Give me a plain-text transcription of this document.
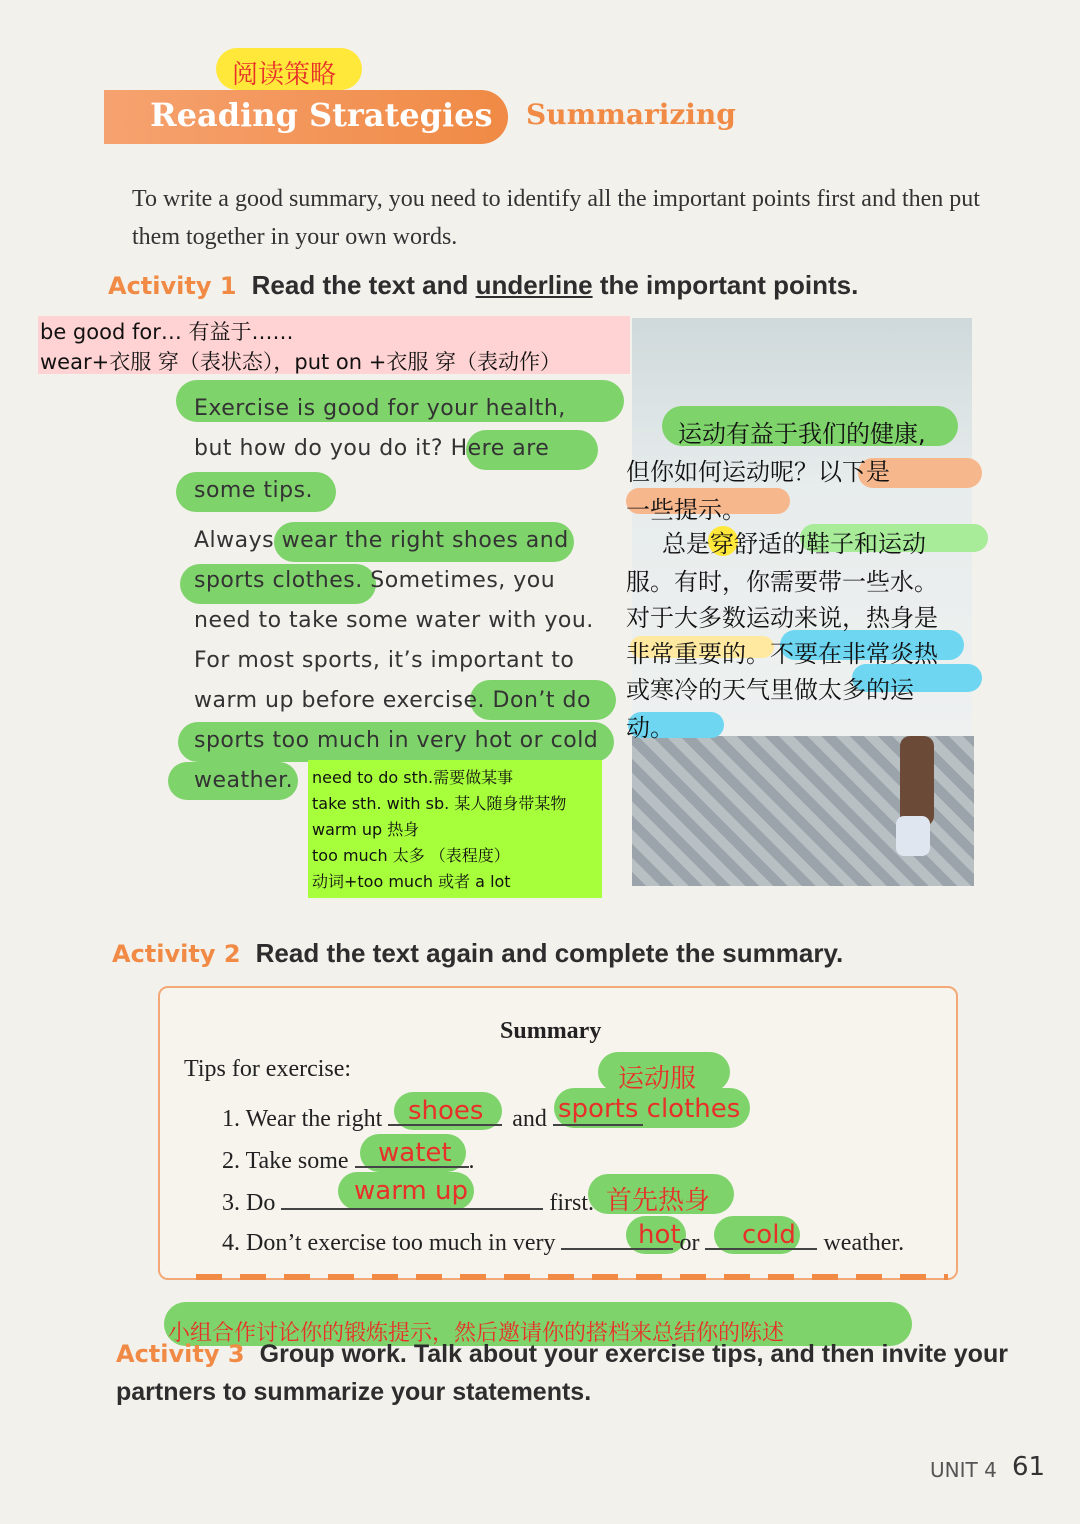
阅读策略
Reading Strategies Summarizing
To write a good summary, you need to identify all the important points first and then put them together in your own words.
Activity 1 Read the text and underline the important points.
be good for… 有益于……
wear+衣服 穿（表状态），put on +衣服 穿（表动作）
Exercise is good for your health,
but how do you do it? Here are
some tips.
Always wear the right shoes and
sports clothes. Sometimes, you
need to take some water with you.
For most sports, it’s important to
warm up before exercise. Don’t do
sports too much in very hot or cold
weather. need to do sth.需要做某事
take sth. with sb. 某人随身带某物
warm up 热身
too much 太多 （表程度）
动词+too much 或者 a lot
运动有益于我们的健康,
但你如何运动呢？以下是
一些提示。
总是穿舒适的鞋子和运动
服。有时，你需要带一些水。
对于大多数运动来说，热身是
非常重要的。不要在非常炎热
或寒冷的天气里做太多的运
动。
Activity 2 Read the text again and complete the summary.
Summary
Tips for exercise:
1. Wear the right	and
shoes
运动服
sports clothes
2. Take some	.
watet
3. Do	first.
warm up	首先热身
4. Don’t exercise too much in very	or	weather.
hot cold
小组合作讨论你的锻炼提示，然后邀请你的搭档来总结你的陈述
Activity 3 Group work. Talk about your exercise tips, and then invite your
partners to summarize your statements.
UNIT 4 61
